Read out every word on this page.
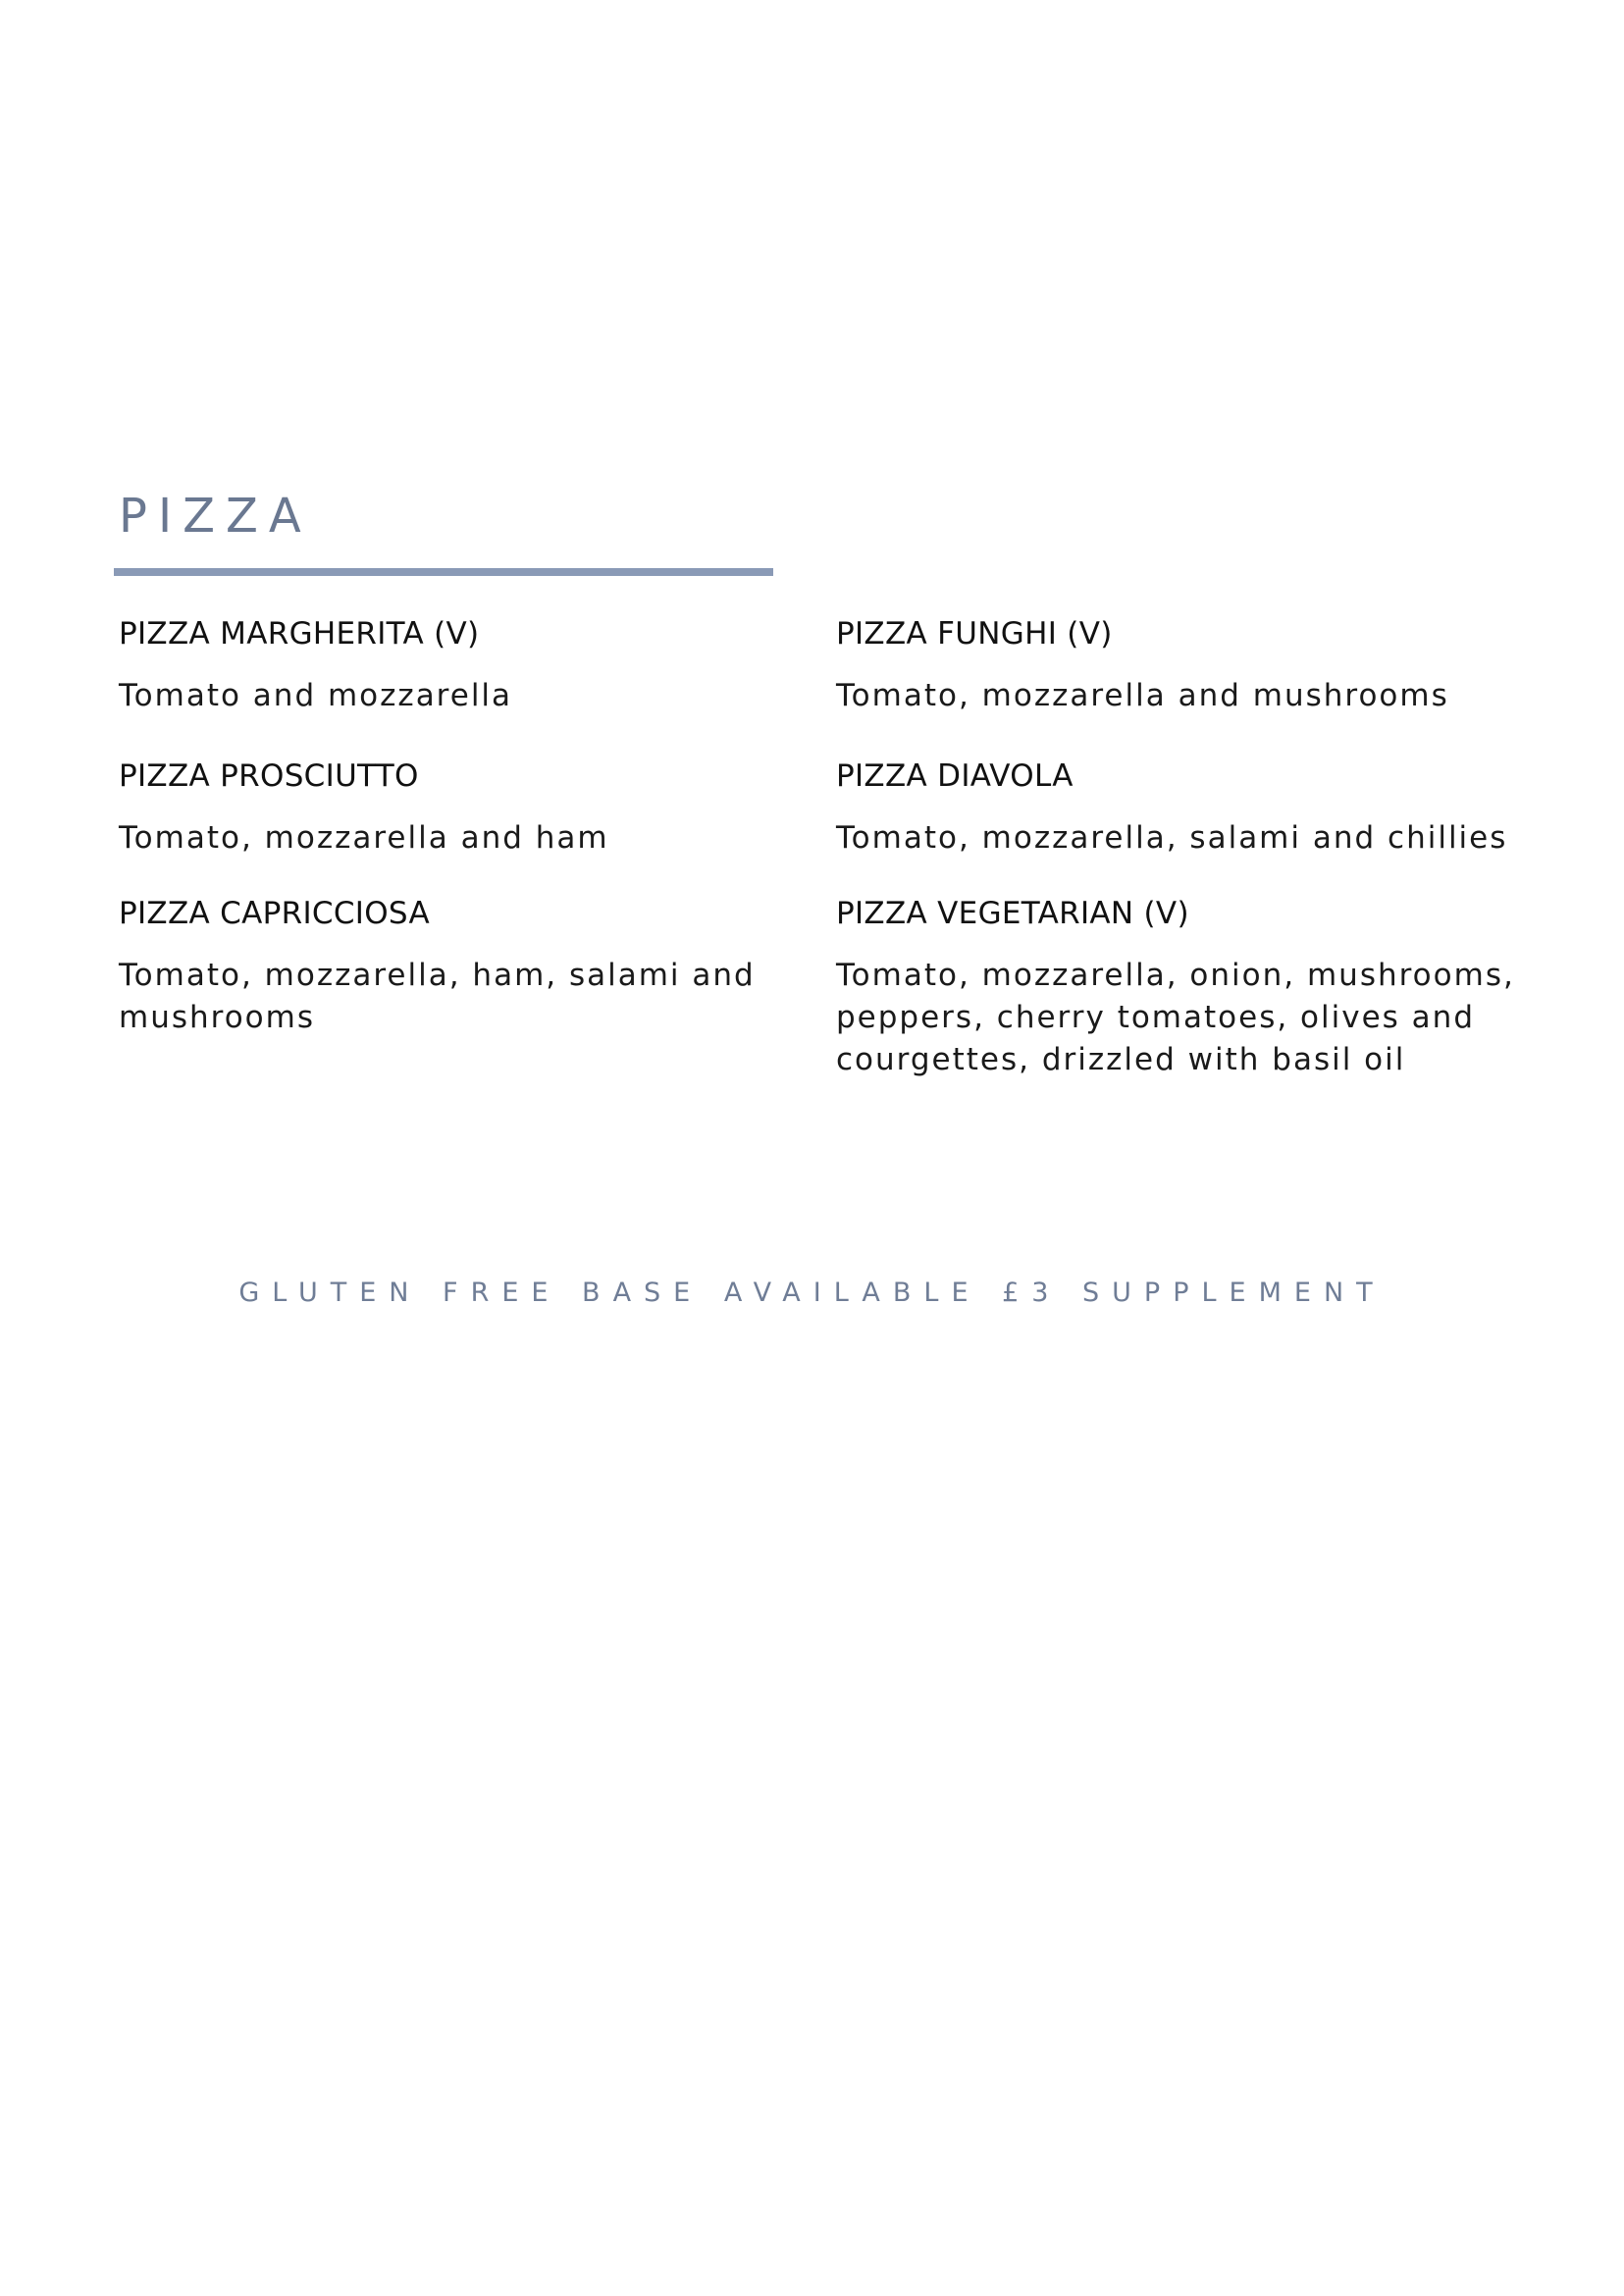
PIZZA
PIZZA MARGHERITA (V)

Tomato and mozzarella

PIZZA FUNGHI (V)

Tomato, mozzarella and mushrooms

PIZZA PROSCIUTTO

Tomato, mozzarella and ham

PIZZA DIAVOLA

Tomato, mozzarella, salami and chillies

PIZZA CAPRICCIOSA

Tomato, mozzarella, ham, salami and mushrooms

PIZZA VEGETARIAN (V)

Tomato, mozzarella, onion, mushrooms, peppers, cherry tomatoes, olives and courgettes, drizzled with basil oil

GLUTEN FREE BASE AVAILABLE £3 SUPPLEMENT
